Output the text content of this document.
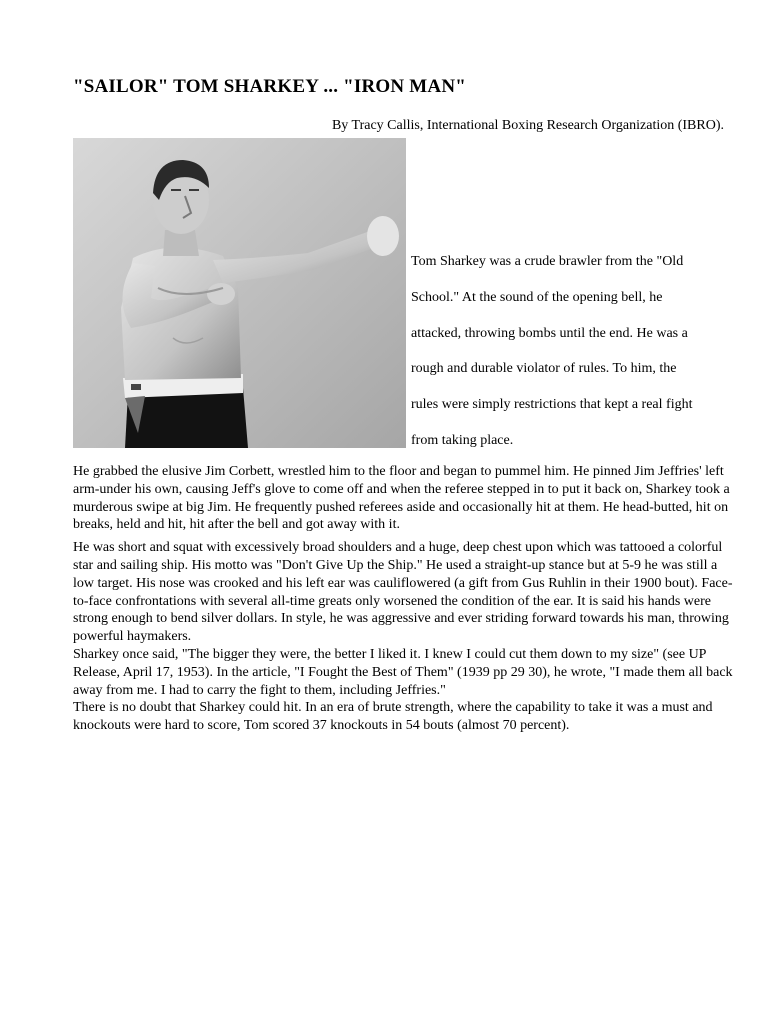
"SAILOR" TOM SHARKEY ... "IRON MAN"
By Tracy Callis, International Boxing Research Organization (IBRO).
Tom Sharkey was a crude brawler from the "Old
School." At the sound of the opening bell, he
attacked, throwing bombs until the end. He was a
rough and durable violator of rules. To him, the
rules were simply restrictions that kept a real fight
from taking place.

He grabbed the elusive Jim Corbett, wrestled him to the floor and began to pummel him. He pinned Jim Jeffries' left arm-under his own, causing Jeff's glove to come off and when the referee stepped in to put it back on, Sharkey took a murderous swipe at big Jim. He frequently pushed referees aside and occasionally hit at them. He head-butted, hit on breaks, held and hit, hit after the bell and got away with it.

He was short and squat with excessively broad shoulders and a huge, deep chest upon which was tattooed a colorful star and sailing ship. His motto was "Don't Give Up the Ship." He used a straight-up stance but at 5-9 he was still a low target. His nose was crooked and his left ear was cauliflowered (a gift from Gus Ruhlin in their 1900 bout). Face-to-face confrontations with several all-time greats only worsened the condition of the ear. It is said his hands were strong enough to bend silver dollars. In style, he was aggressive and ever striding forward towards his man, throwing powerful haymakers.

Sharkey once said, "The bigger they were, the better I liked it. I knew I could cut them down to my size" (see UP Release, April 17, 1953). In the article, "I Fought the Best of Them" (1939 pp 29 30), he wrote, "I made them all back away from me. I had to carry the fight to them, including Jeffries."

There is no doubt that Sharkey could hit. In an era of brute strength, where the capability to take it was a must and knockouts were hard to score, Tom scored 37 knockouts in 54 bouts (almost 70 percent).
